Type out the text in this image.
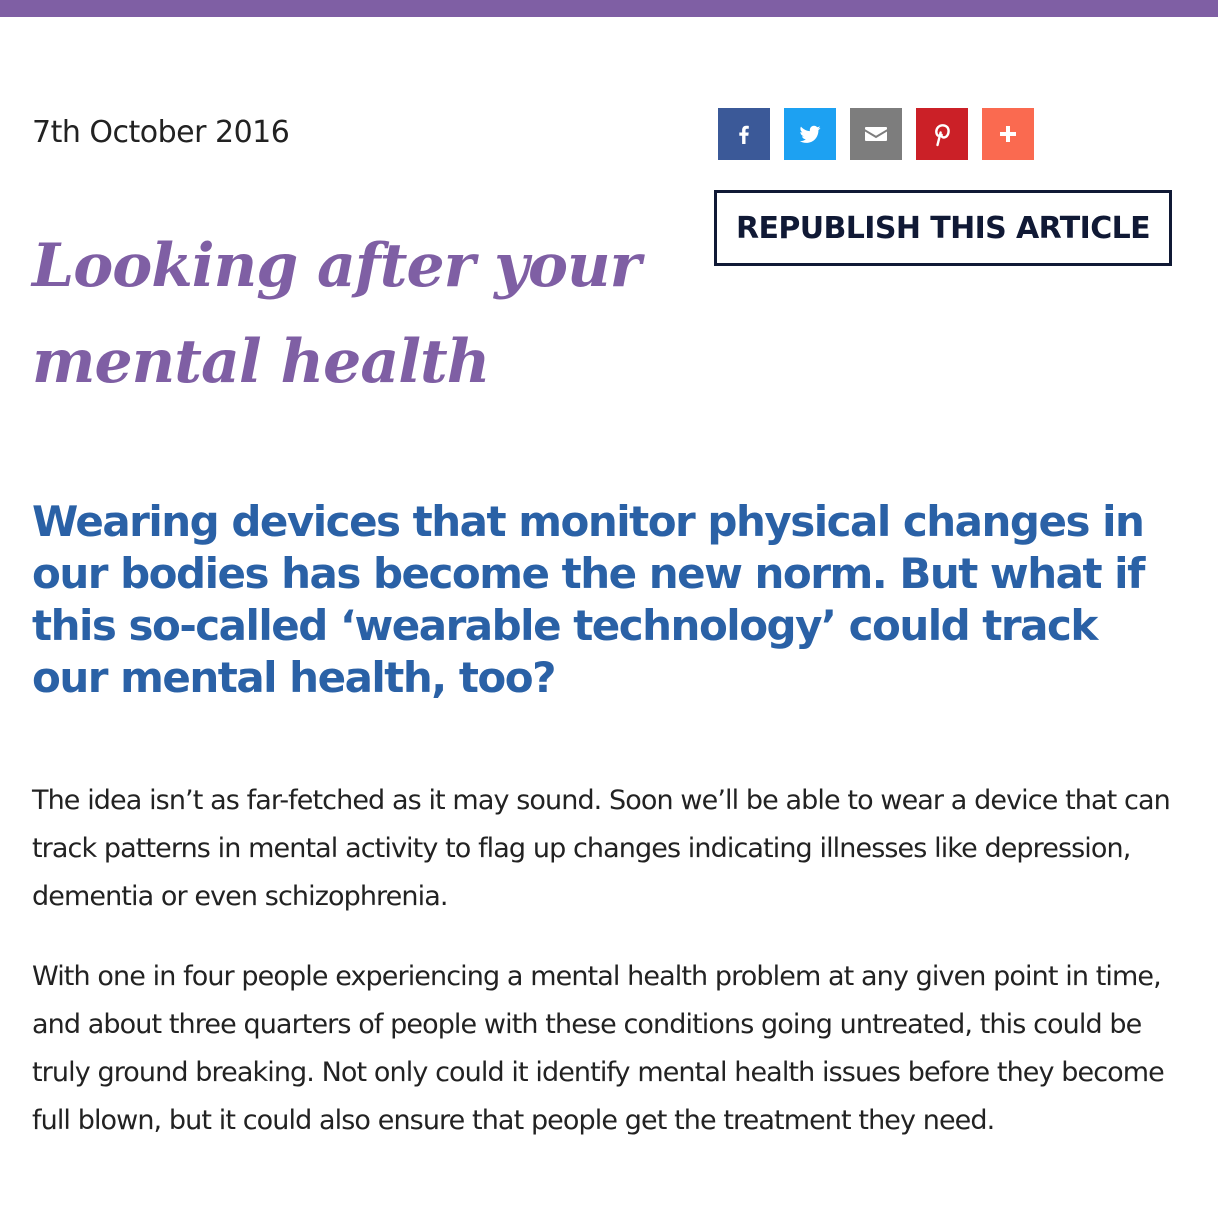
7th October 2016
REPUBLISH THIS ARTICLE
Looking after your mental health
Wearing devices that monitor physical changes in our bodies has become the new norm. But what if this so-called ‘wearable technology’ could track our mental health, too?

The idea isn’t as far-fetched as it may sound. Soon we’ll be able to wear a device that can track patterns in mental activity to flag up changes indicating illnesses like depression, dementia or even schizophrenia.

With one in four people experiencing a mental health problem at any given point in time, and about three quarters of people with these conditions going untreated, this could be truly ground breaking. Not only could it identify mental health issues before they become full blown, but it could also ensure that people get the treatment they need.
